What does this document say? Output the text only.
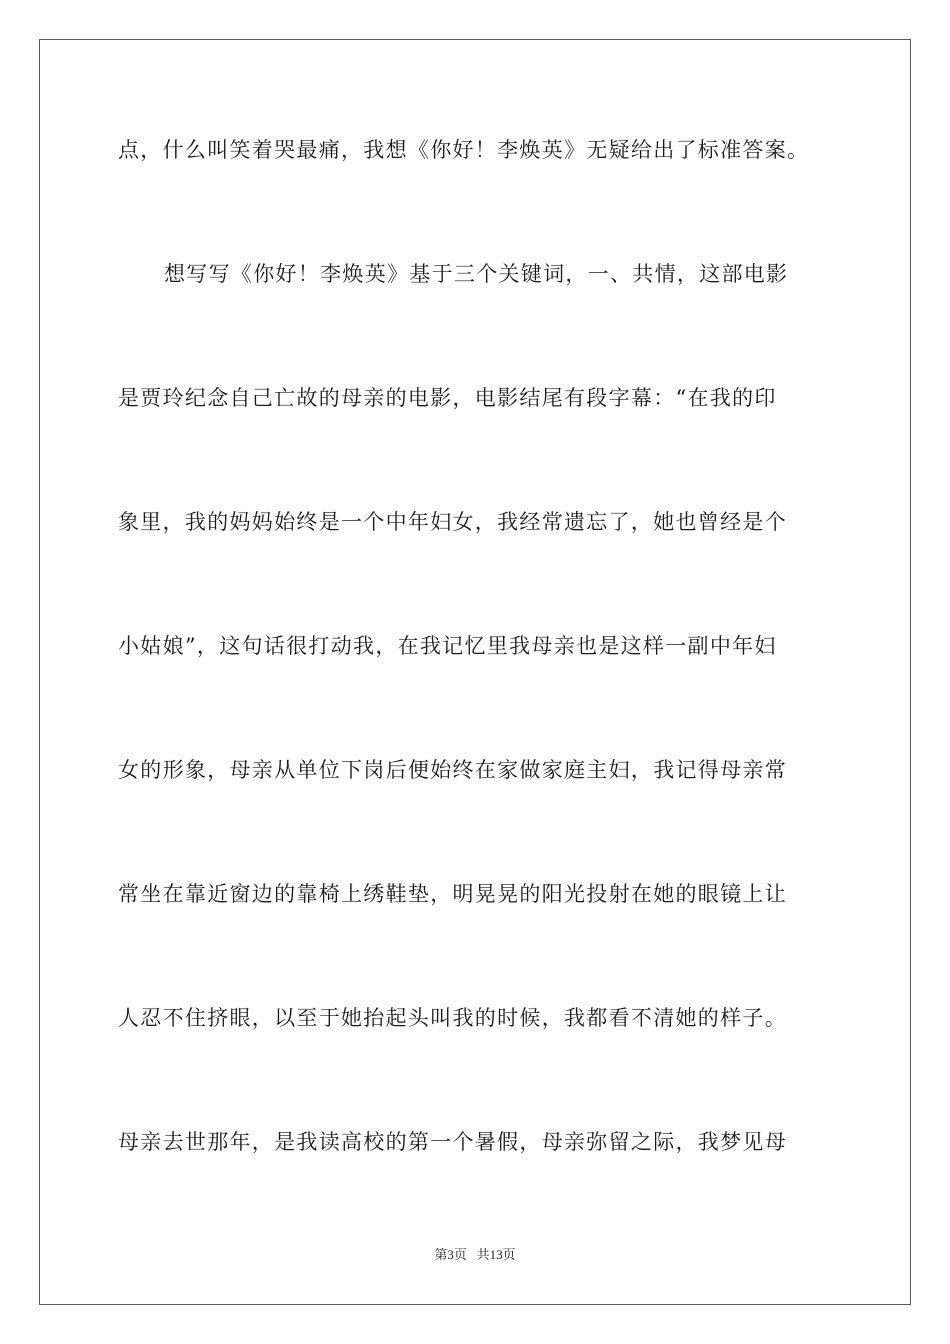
点，什么叫笑着哭最痛，我想《你好！李焕英》无疑给出了标准答案。
想写写《你好！李焕英》基于三个关键词，一、共情，这部电影
是贾玲纪念自己亡故的母亲的电影，电影结尾有段字幕：“在我的印
象里，我的妈妈始终是一个中年妇女，我经常遗忘了，她也曾经是个
小姑娘”，这句话很打动我，在我记忆里我母亲也是这样一副中年妇
女的形象，母亲从单位下岗后便始终在家做家庭主妇，我记得母亲常
常坐在靠近窗边的靠椅上绣鞋垫，明晃晃的阳光投射在她的眼镜上让
人忍不住挤眼，以至于她抬起头叫我的时候，我都看不清她的样子。
母亲去世那年，是我读高校的第一个暑假，母亲弥留之际，我梦见母
第3页 共13页
